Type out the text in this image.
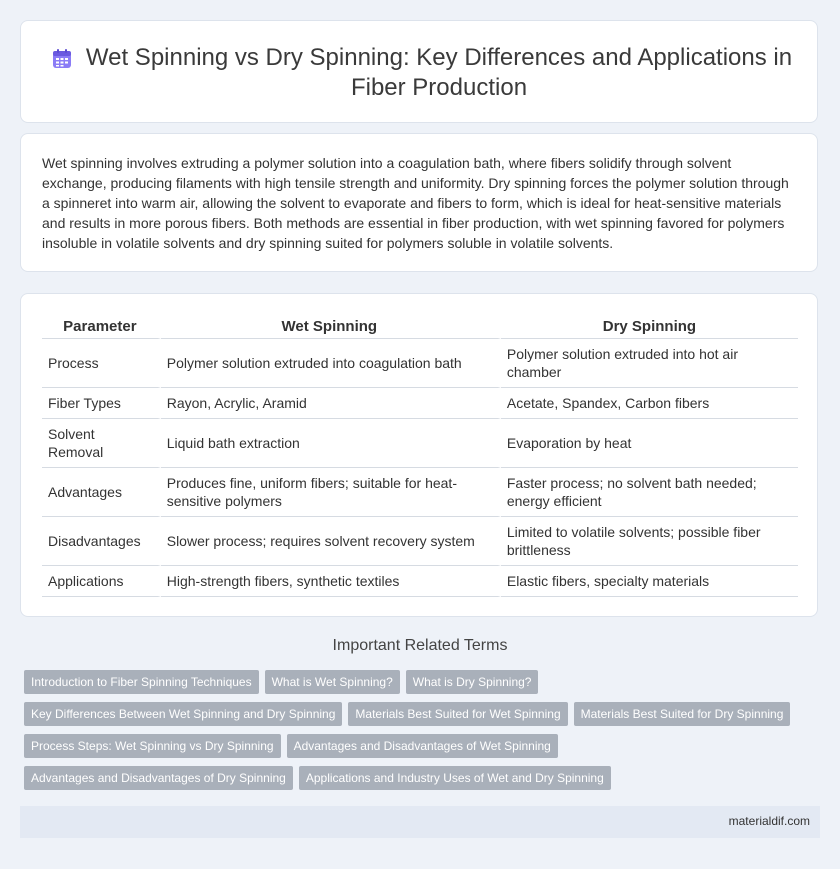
Wet Spinning vs Dry Spinning: Key Differences and Applications in Fiber Production

Wet spinning involves extruding a polymer solution into a coagulation bath, where fibers solidify through solvent exchange, producing filaments with high tensile strength and uniformity. Dry spinning forces the polymer solution through a spinneret into warm air, allowing the solvent to evaporate and fibers to form, which is ideal for heat-sensitive materials and results in more porous fibers. Both methods are essential in fiber production, with wet spinning favored for polymers insoluble in volatile solvents and dry spinning suited for polymers soluble in volatile solvents.

Parameter	Wet Spinning	Dry Spinning
Process	Polymer solution extruded into coagulation bath	Polymer solution extruded into hot air chamber
Fiber Types	Rayon, Acrylic, Aramid	Acetate, Spandex, Carbon fibers
Solvent Removal	Liquid bath extraction	Evaporation by heat
Advantages	Produces fine, uniform fibers; suitable for heat-sensitive polymers	Faster process; no solvent bath needed; energy efficient
Disadvantages	Slower process; requires solvent recovery system	Limited to volatile solvents; possible fiber brittleness
Applications	High-strength fibers, synthetic textiles	Elastic fibers, specialty materials
Important Related Terms
Introduction to Fiber Spinning Techniques What is Wet Spinning? What is Dry Spinning?
Key Differences Between Wet Spinning and Dry Spinning Materials Best Suited for Wet Spinning Materials Best Suited for Dry Spinning
Process Steps: Wet Spinning vs Dry Spinning Advantages and Disadvantages of Wet Spinning
Advantages and Disadvantages of Dry Spinning Applications and Industry Uses of Wet and Dry Spinning
materialdif.com
